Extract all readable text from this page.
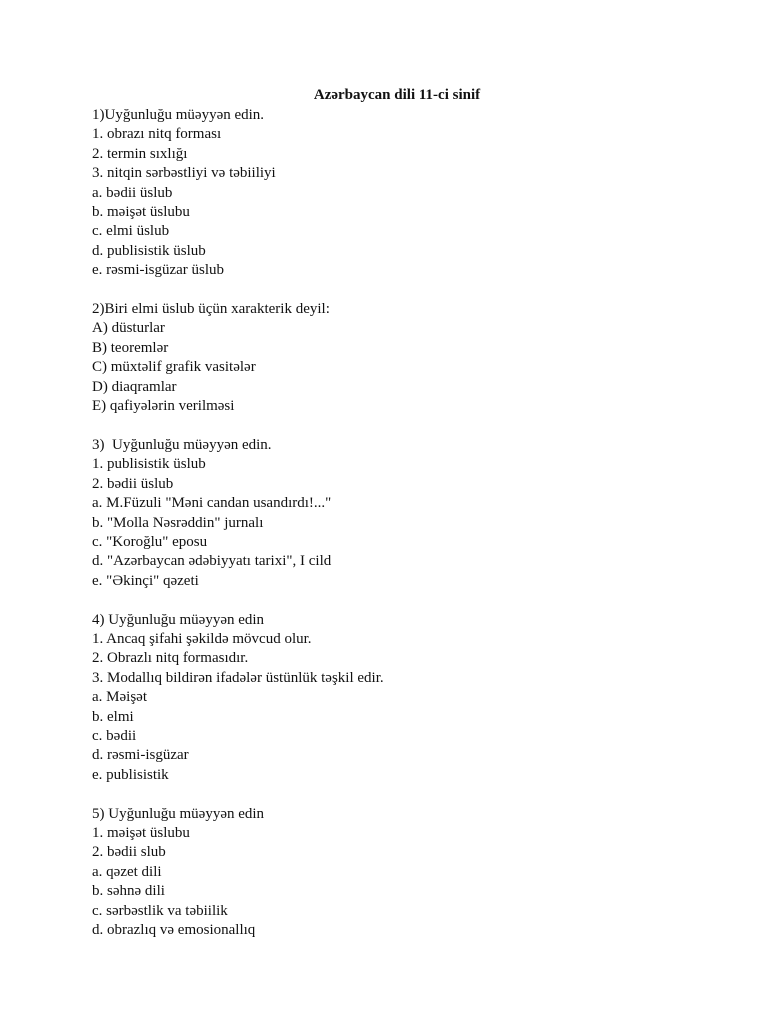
Azərbaycan dili 11-ci sinif
1)Uyğunluğu müəyyən edin.
1. obrazı nitq forması
2. termin sıxlığı
3. nitqin sərbəstliyi və təbiiliyi
a. bədii üslub
b. məişət üslubu
c. elmi üslub
d. publisistik üslub
e. rəsmi-isgüzar üslub
2)Biri elmi üslub üçün xarakterik deyil:
A) düsturlar
B) teoremlər
C) müxtəlif grafik vasitələr
D) diaqramlar
E) qafiyələrin verilməsi
3)  Uyğunluğu müəyyən edin.
1. publisistik üslub
2. bədii üslub
a. M.Füzuli "Məni candan usandırdı!..."
b. "Molla Nəsrəddin" jurnalı
c. "Koroğlu" eposu
d. "Azərbaycan ədəbiyyatı tarixi", I cild
e. "Əkinçi" qəzeti
4) Uyğunluğu müəyyən edin
1. Ancaq şifahi şəkildə mövcud olur.
2. Obrazlı nitq formasıdır.
3. Modallıq bildirən ifadələr üstünlük təşkil edir.
a. Məişət
b. elmi
c. bədii
d. rəsmi-isgüzar
e. publisistik
5) Uyğunluğu müəyyən edin
1. məişət üslubu
2. bədii slub
a. qəzet dili
b. səhnə dili
c. sərbəstlik va təbiilik
d. obrazlıq və emosionallıq
